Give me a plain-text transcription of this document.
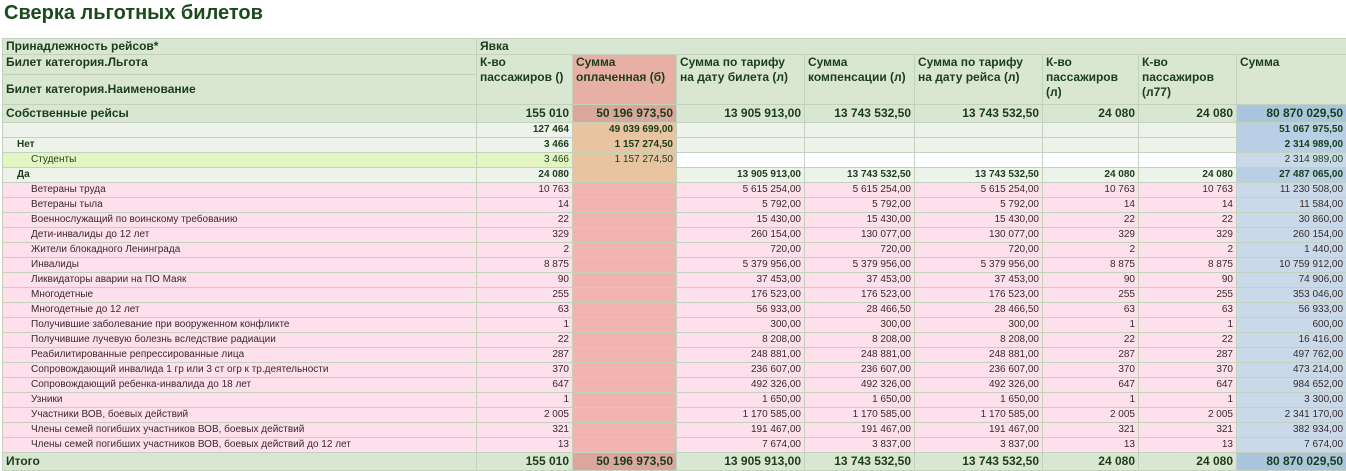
Сверка льготных билетов
Принадлежность рейсов*	Явка							
Билет категория.Льгота	К-во пассажиров ()	Сумма оплаченная (б)	Сумма по тарифу на дату билета (л)	Сумма компенсации (л)	Сумма по тарифу на дату рейса (л)	К-во пассажиров (л)	К-во пассажиров (л77)	Сумма
Билет категория.Наименование								
Собственные рейсы	155 010	50 196 973,50	13 905 913,00	13 743 532,50	13 743 532,50	24 080	24 080	80 870 029,50
	127 464	49 039 699,00						51 067 975,50
Нет	3 466	1 157 274,50						2 314 989,00
Студенты	3 466	1 157 274,50						2 314 989,00
Да	24 080		13 905 913,00	13 743 532,50	13 743 532,50	24 080	24 080	27 487 065,00
Ветераны труда	10 763		5 615 254,00	5 615 254,00	5 615 254,00	10 763	10 763	11 230 508,00
Ветераны тыла	14		5 792,00	5 792,00	5 792,00	14	14	11 584,00
Военнослужащий по воинскому требованию	22		15 430,00	15 430,00	15 430,00	22	22	30 860,00
Дети-инвалиды до 12 лет	329		260 154,00	130 077,00	130 077,00	329	329	260 154,00
Жители блокадного Ленинграда	2		720,00	720,00	720,00	2	2	1 440,00
Инвалиды	8 875		5 379 956,00	5 379 956,00	5 379 956,00	8 875	8 875	10 759 912,00
Ликвидаторы аварии на ПО Маяк	90		37 453,00	37 453,00	37 453,00	90	90	74 906,00
Многодетные	255		176 523,00	176 523,00	176 523,00	255	255	353 046,00
Многодетные до 12 лет	63		56 933,00	28 466,50	28 466,50	63	63	56 933,00
Получившие заболевание при вооруженном конфликте	1		300,00	300,00	300,00	1	1	600,00
Получившие лучевую болезнь вследствие радиации	22		8 208,00	8 208,00	8 208,00	22	22	16 416,00
Реабилитированные репрессированные лица	287		248 881,00	248 881,00	248 881,00	287	287	497 762,00
Сопровождающий инвалида 1 гр или 3 ст огр к тр.деятельности	370		236 607,00	236 607,00	236 607,00	370	370	473 214,00
Сопровождающий ребенка-инвалида до 18 лет	647		492 326,00	492 326,00	492 326,00	647	647	984 652,00
Узники	1		1 650,00	1 650,00	1 650,00	1	1	3 300,00
Участники ВОВ, боевых действий	2 005		1 170 585,00	1 170 585,00	1 170 585,00	2 005	2 005	2 341 170,00
Члены семей погибших участников ВОВ, боевых действий	321		191 467,00	191 467,00	191 467,00	321	321	382 934,00
Члены семей погибших участников ВОВ, боевых действий до 12 лет	13		7 674,00	3 837,00	3 837,00	13	13	7 674,00
Итого	155 010	50 196 973,50	13 905 913,00	13 743 532,50	13 743 532,50	24 080	24 080	80 870 029,50
